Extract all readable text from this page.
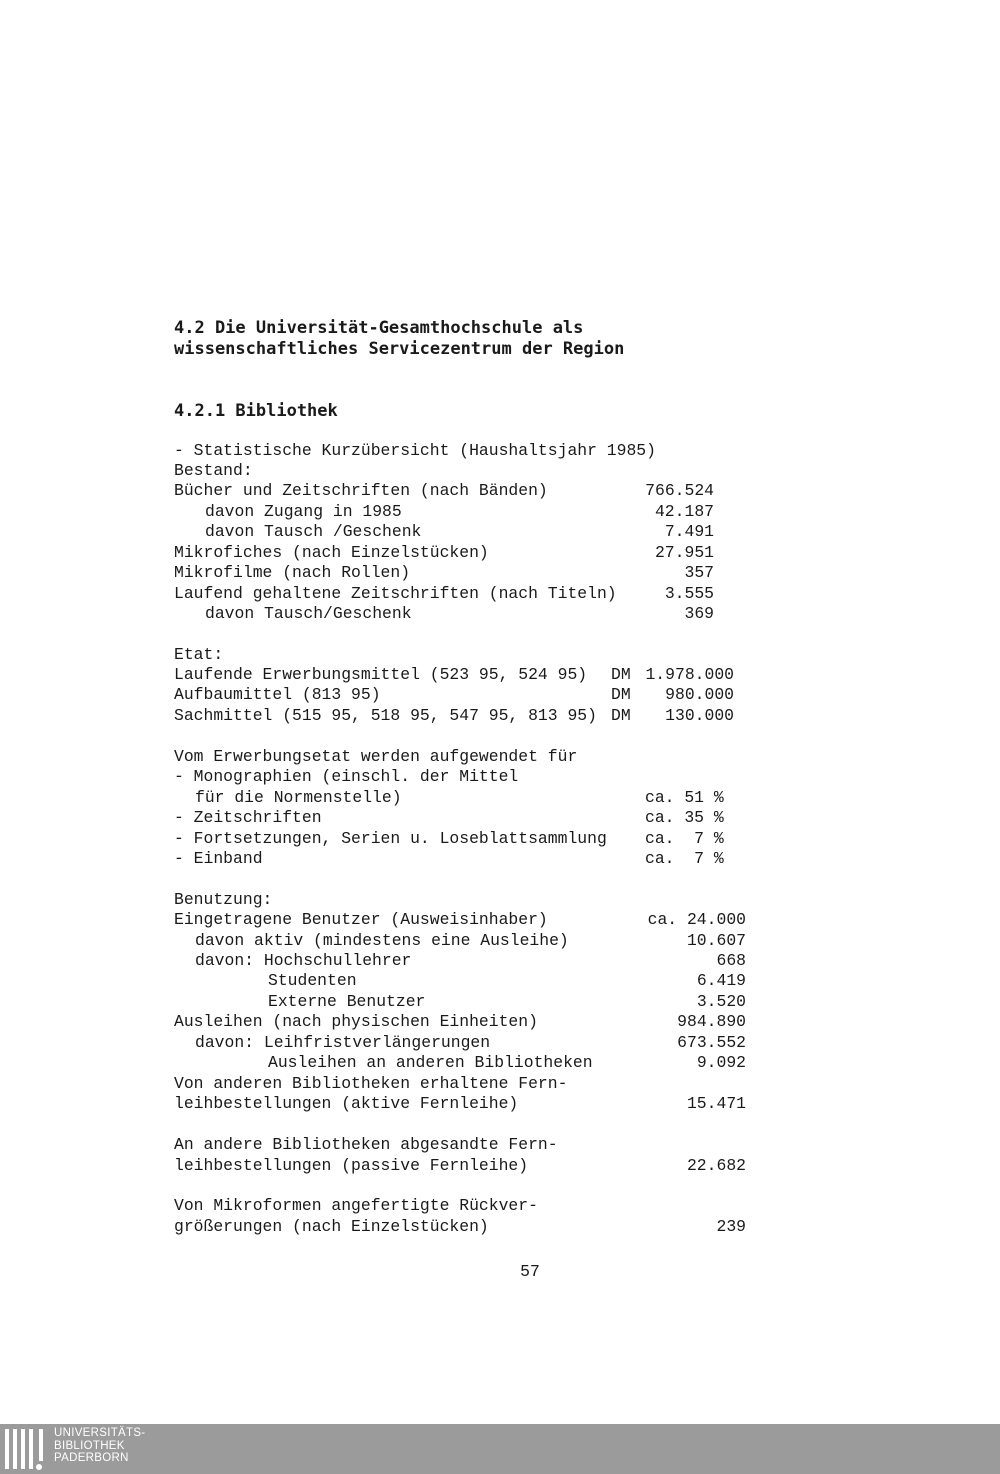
4.2 Die Universität-Gesamthochschule als
wissenschaftliches Servicezentrum der Region
4.2.1 Bibliothek
- Statistische Kurzübersicht (Haushaltsjahr 1985)
Bestand:
Bücher und Zeitschriften (nach Bänden)	766.524
davon Zugang in 1985	42.187
davon Tausch /Geschenk	7.491
Mikrofiches (nach Einzelstücken)	27.951
Mikrofilme (nach Rollen)	357
Laufend gehaltene Zeitschriften (nach Titeln)	3.555
davon Tausch/Geschenk	369
Etat:
Laufende Erwerbungsmittel (523 95, 524 95) DM 1.978.000
Aufbaumittel (813 95)	DM 980.000
Sachmittel (515 95, 518 95, 547 95, 813 95) DM 130.000
Vom Erwerbungsetat werden aufgewendet für
- Monographien (einschl. der Mittel
für die Normenstelle)	ca. 51 %
- Zeitschriften	ca. 35 %
- Fortsetzungen, Serien u. Loseblattsammlung ca.  7 %
- Einband	ca.  7 %
Benutzung:
Eingetragene Benutzer (Ausweisinhaber)	ca. 24.000
davon aktiv (mindestens eine Ausleihe)	10.607
davon: Hochschullehrer	668
Studenten	6.419
Externe Benutzer	3.520
Ausleihen (nach physischen Einheiten)	984.890
davon: Leihfristverlängerungen	673.552
Ausleihen an anderen Bibliotheken	9.092
Von anderen Bibliotheken erhaltene Fern-
leihbestellungen (aktive Fernleihe)	15.471
An andere Bibliotheken abgesandte Fern-
leihbestellungen (passive Fernleihe)	22.682
Von Mikroformen angefertigte Rückver-
größerungen (nach Einzelstücken)	239
57
UNIVERSITÄTS-
BIBLIOTHEK
PADERBORN
